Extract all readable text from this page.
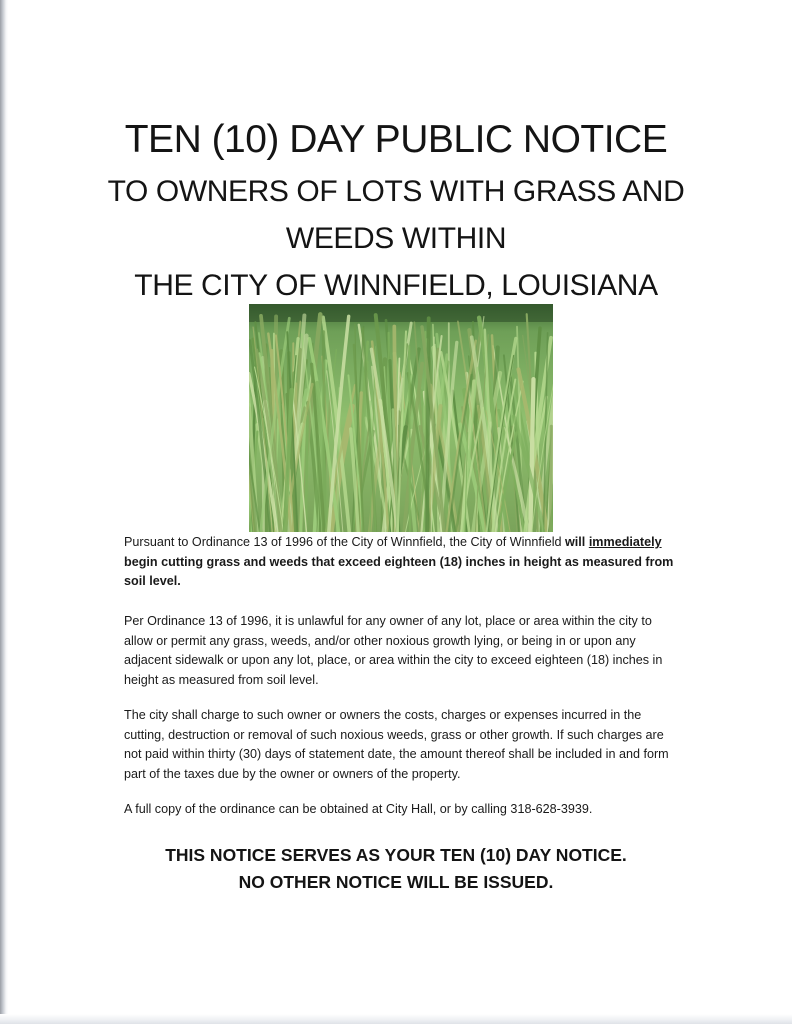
TEN (10) DAY PUBLIC NOTICE
TO OWNERS OF LOTS WITH GRASS AND
WEEDS WITHIN
THE CITY OF WINNFIELD, LOUISIANA

Pursuant to Ordinance 13 of 1996 of the City of Winnfield, the City of Winnfield will immediately begin cutting grass and weeds that exceed eighteen (18) inches in height as measured from soil level.

Per Ordinance 13 of 1996, it is unlawful for any owner of any lot, place or area within the city to allow or permit any grass, weeds, and/or other noxious growth lying, or being in or upon any adjacent sidewalk or upon any lot, place, or area within the city to exceed eighteen (18) inches in height as measured from soil level.

The city shall charge to such owner or owners the costs, charges or expenses incurred in the cutting, destruction or removal of such noxious weeds, grass or other growth. If such charges are not paid within thirty (30) days of statement date, the amount thereof shall be included in and form part of the taxes due by the owner or owners of the property.

A full copy of the ordinance can be obtained at City Hall, or by calling 318-628-3939.

THIS NOTICE SERVES AS YOUR TEN (10) DAY NOTICE.
NO OTHER NOTICE WILL BE ISSUED.
